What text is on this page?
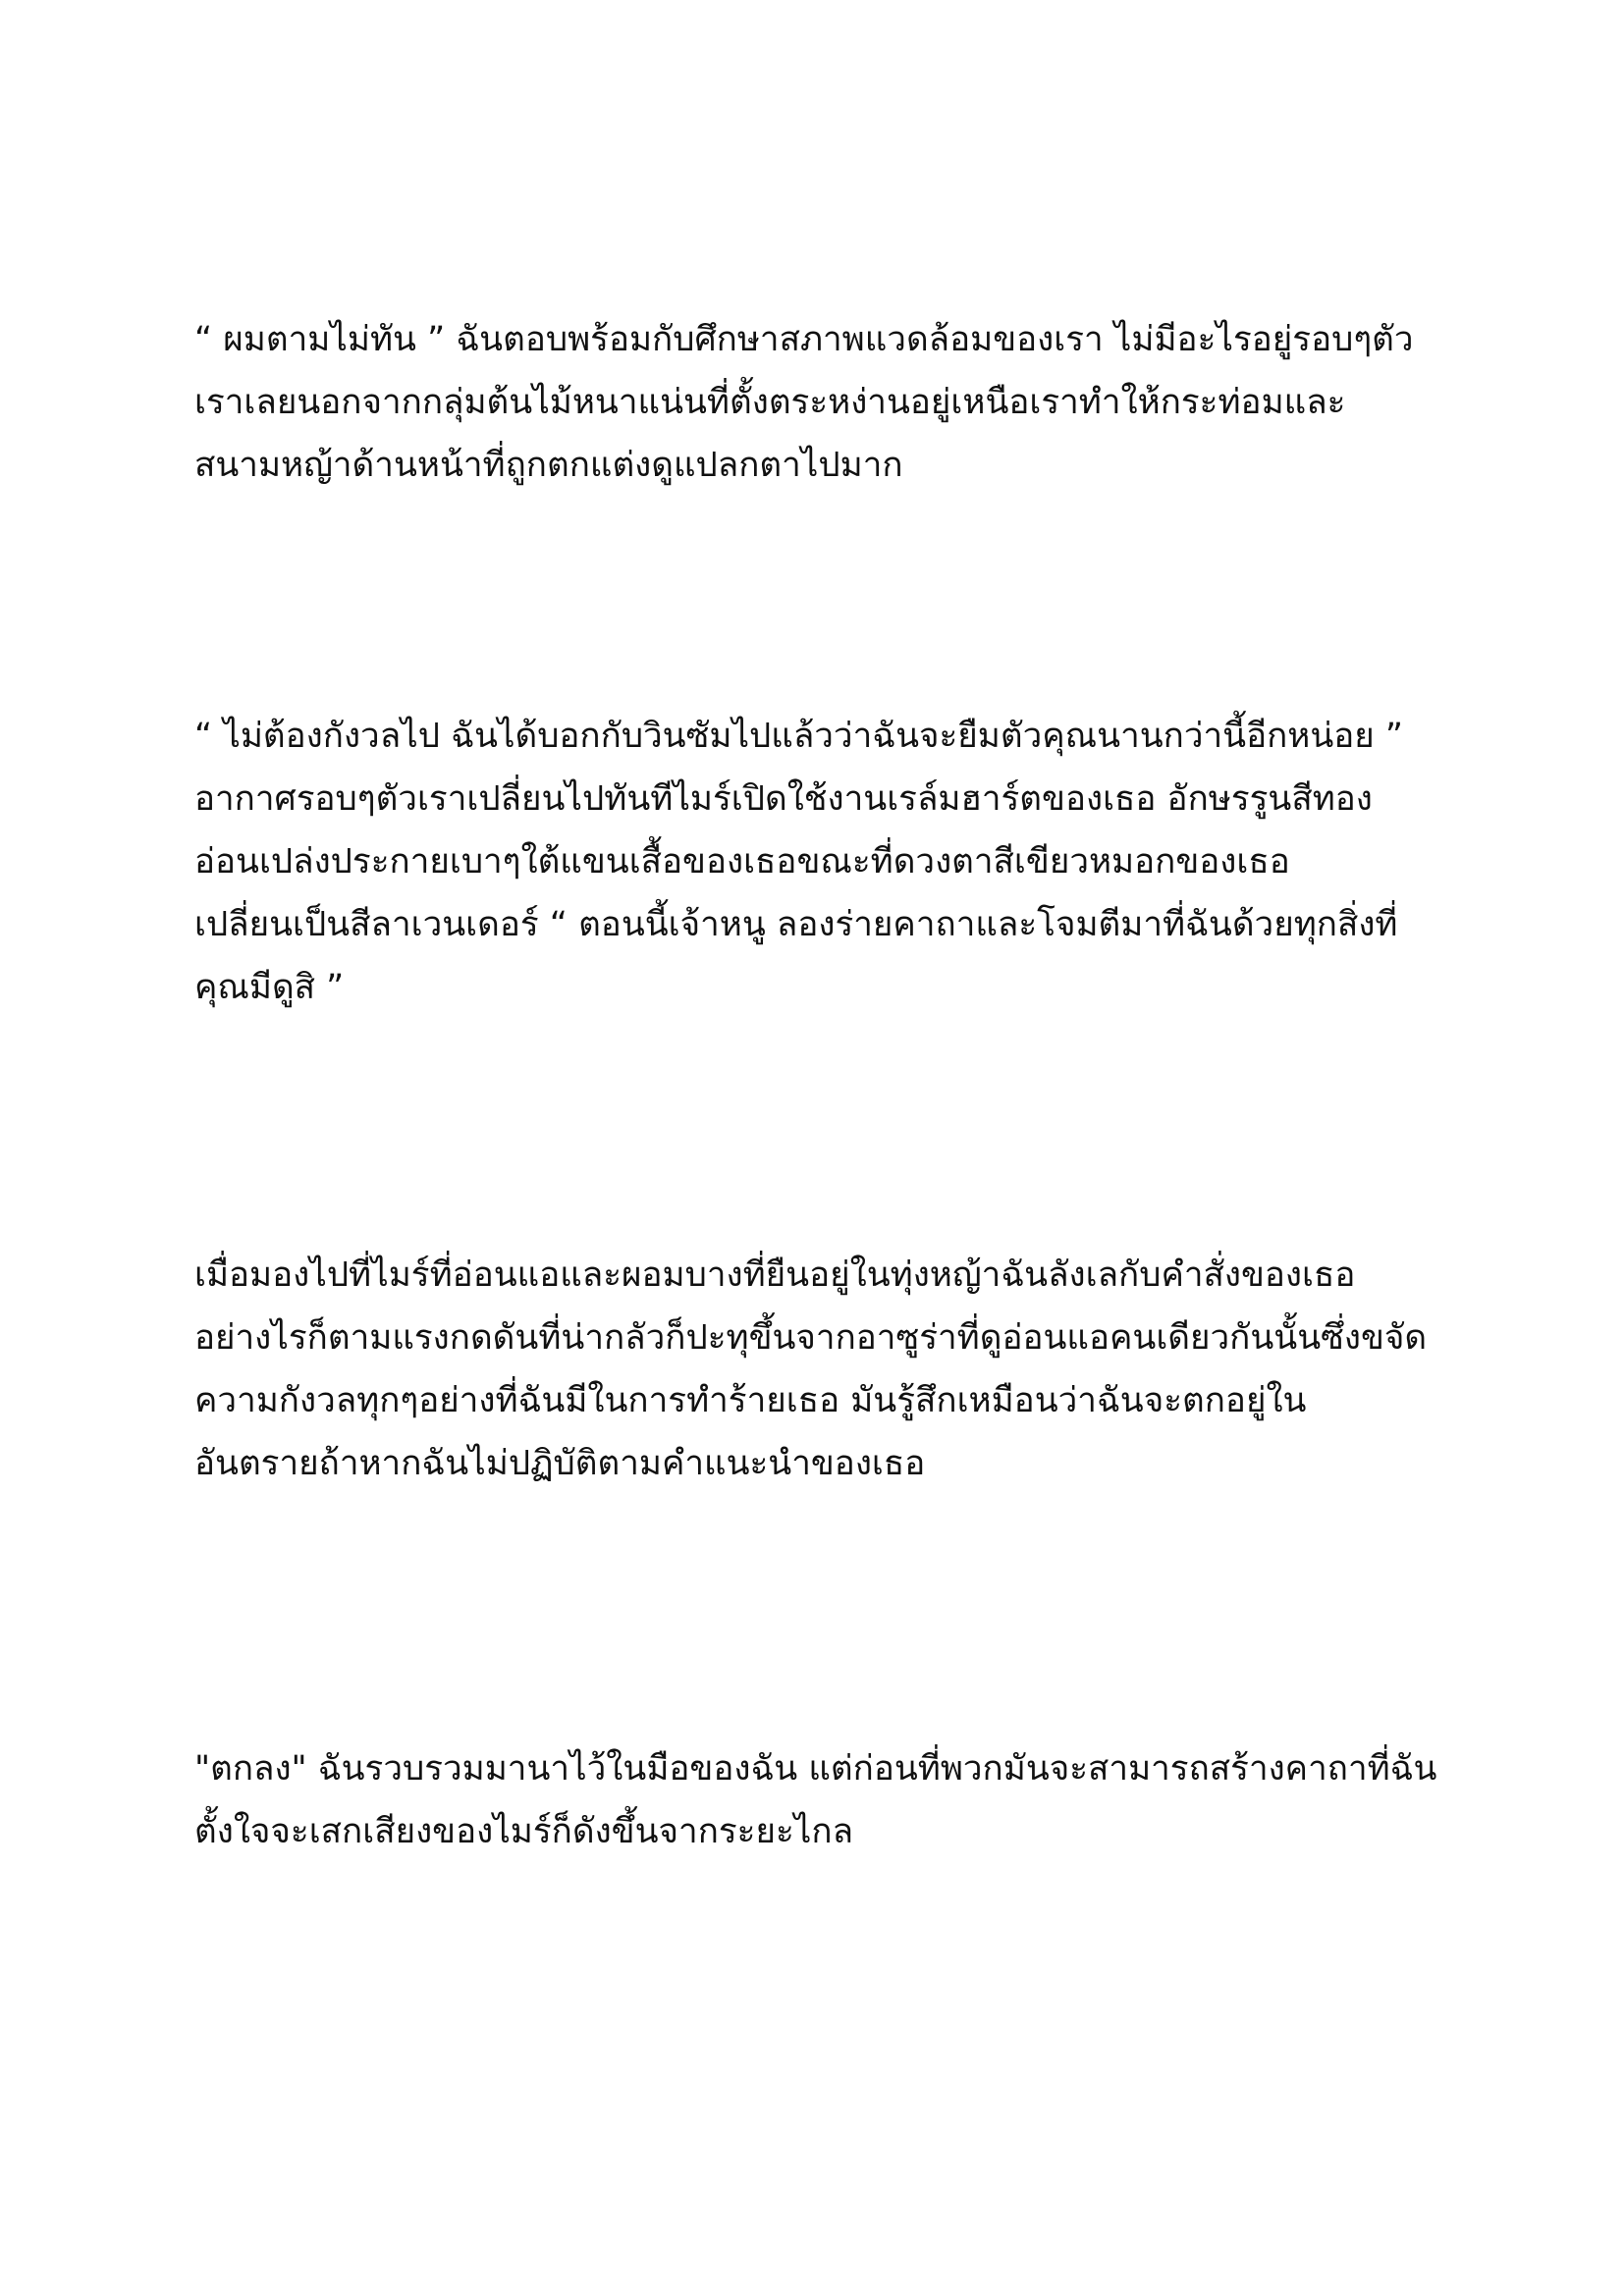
“ ผมตามไม่ทัน ” ฉันตอบพร้อมกับศึกษาสภาพแวดล้อมของเรา ไม่มีอะไรอยู่รอบๆตัว
เราเลยนอกจากกลุ่มต้นไม้หนาแน่นที่ตั้งตระหง่านอยู่เหนือเราทำให้กระท่อมและ
สนามหญ้าด้านหน้าที่ถูกตกแต่งดูแปลกตาไปมาก
“ ไม่ต้องกังวลไป ฉันได้บอกกับวินซัมไปแล้วว่าฉันจะยืมตัวคุณนานกว่านี้อีกหน่อย ”
อากาศรอบๆตัวเราเปลี่ยนไปทันทีไมร์เปิดใช้งานเรล์มฮาร์ตของเธอ อักษรรูนสีทอง
อ่อนเปล่งประกายเบาๆใต้แขนเสื้อของเธอขณะที่ดวงตาสีเขียวหมอกของเธอ
เปลี่ยนเป็นสีลาเวนเดอร์ “ ตอนนี้เจ้าหนู ลองร่ายคาถาและโจมตีมาที่ฉันด้วยทุกสิ่งที่
คุณมีดูสิ ”
เมื่อมองไปที่ไมร์ที่อ่อนแอและผอมบางที่ยืนอยู่ในทุ่งหญ้าฉันลังเลกับคำสั่งของเธอ
อย่างไรก็ตามแรงกดดันที่น่ากลัวก็ปะทุขึ้นจากอาซูร่าที่ดูอ่อนแอคนเดียวกันนั้นซึ่งขจัด
ความกังวลทุกๆอย่างที่ฉันมีในการทำร้ายเธอ มันรู้สึกเหมือนว่าฉันจะตกอยู่ใน
อันตรายถ้าหากฉันไม่ปฏิบัติตามคำแนะนำของเธอ
"ตกลง" ฉันรวบรวมมานาไว้ในมือของฉัน แต่ก่อนที่พวกมันจะสามารถสร้างคาถาที่ฉัน
ตั้งใจจะเสกเสียงของไมร์ก็ดังขึ้นจากระยะไกล
